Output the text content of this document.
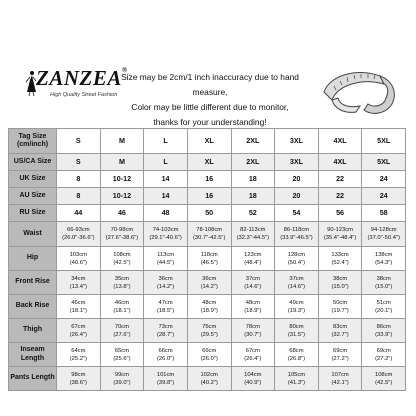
ZANZEA®
High Quality Street Fashion
Size may be 2cm/1 inch inaccuracy due to hand measure,
Color may be little different due to monitor,
thanks for your understanding!
Tag Size (cm/inch)	S	M	L	XL	2XL	3XL	4XL	5XL
US/CA Size	S	M	L	XL	2XL	3XL	4XL	5XL
UK Size	8	10-12	14	16	18	20	22	24
AU Size	8	10-12	14	16	18	20	22	24
RU Size	44	46	48	50	52	54	56	58
Waist	66-93cm
(26.0"-36.6")	70-98cm
(27.6"-38.6")	74-103cm
(29.1"-40.6")	78-108cm
(30.7"-42.5")	82-113cm
(32.3"-44.5")	86-118cm
(33.9"-46.5")	90-123cm
(35.4"-48.4")	94-128cm
(37.0"-50.4")

Hip	103cm
(40.6")	108cm
(42.5")	113cm
(44.5")	118cm
(46.5")	123cm
(48.4")	128cm
(50.4")	133cm
(52.4")	138cm
(54.3")

Front Rise	34cm
(13.4")	35cm
(13.8")	36cm
(14.2")	36cm
(14.2")	37cm
(14.6")	37cm
(14.6")	38cm
(15.0")	38cm
(15.0")

Back Rise	46cm
(18.1")	46cm
(18.1")	47cm
(18.5")	48cm
(18.9")	48cm
(18.9")	49cm
(19.3")	50cm
(19.7")	51cm
(20.1")

Thigh	67cm
(26.4")	70cm
(27.6")	73cm
(28.7")	75cm
(29.5")	78cm
(30.7")	80cm
(31.5")	83cm
(32.7")	86cm
(33.9")

Inseam Length	64cm
(25.2")	65cm
(25.6")	66cm
(26.0")	66cm
(26.0")	67cm
(26.4")	68cm
(26.8")	69cm
(27.2")	69cm
(27.2")

Pants Length	98cm
(38.6")	99cm
(39.0")	101cm
(39.8")	102cm
(40.2")	104cm
(40.9")	105cm
(41.3")	107cm
(42.1")	108cm
(42.5")
